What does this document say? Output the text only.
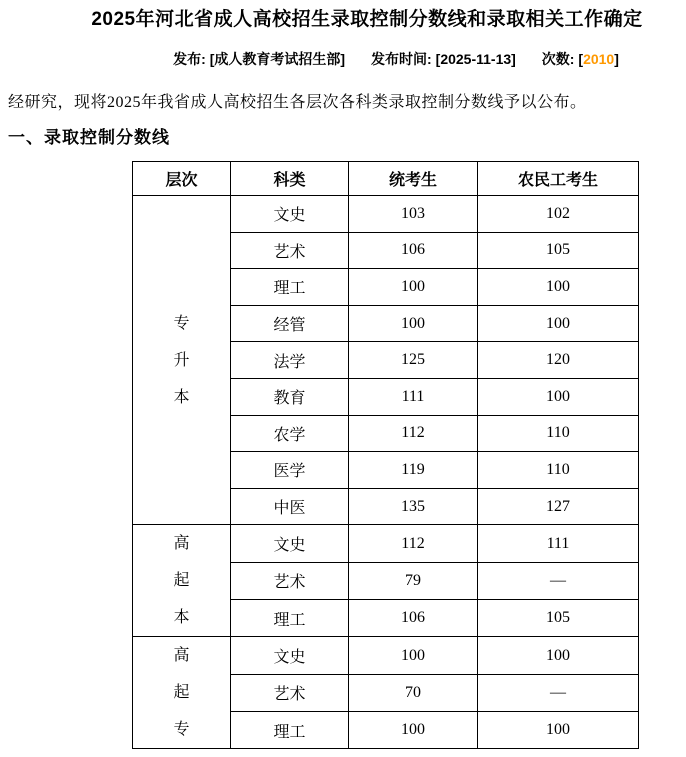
2025年河北省成人高校招生录取控制分数线和录取相关工作确定
发布: [成人教育考试招生部] 发布时间: [2025-11-13] 次数: [2010]

经研究，现将2025年我省成人高校招生各层次各科类录取控制分数线予以公布。

一、录取控制分数线
层次	科类	统考生	农民工考生

专
升
本	文史	103	102
	艺术	106	105
	理工	100	100
	经管	100	100
	法学	125	120
	教育	111	100
	农学	112	110
	医学	119	110
	中医	135	127

高
起
本	文史	112	111
	艺术	79	—
	理工	106	105

高
起
专	文史	100	100
	艺术	70	—
	理工	100	100
